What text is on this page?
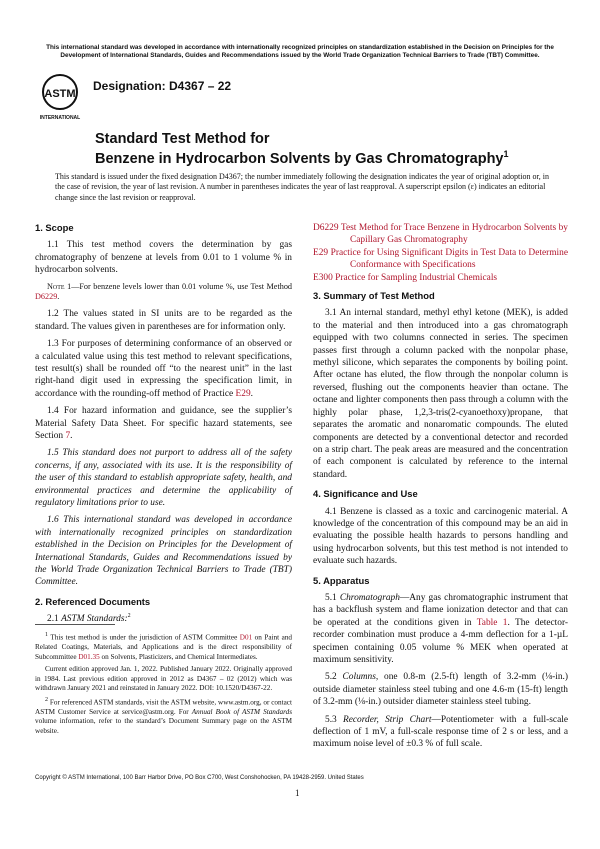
This international standard was developed in accordance with internationally recognized principles on standardization established in the Decision on Principles for the Development of International Standards, Guides and Recommendations issued by the World Trade Organization Technical Barriers to Trade (TBT) Committee.
ASTM
INTERNATIONAL
Designation: D4367 – 22
Standard Test Method for
Benzene in Hydrocarbon Solvents by Gas Chromatography$^1$
This standard is issued under the fixed designation D4367; the number immediately following the designation indicates the year of original adoption or, in the case of revision, the year of last revision. A number in parentheses indicates the year of last reapproval. A superscript epsilon (ε) indicates an editorial change since the last revision or reapproval.
1. Scope

1.1 This test method covers the determination by gas chromatography of benzene at levels from 0.01 to 1 volume % in hydrocarbon solvents.

Note 1—For benzene levels lower than 0.01 volume %, use Test Method D6229.

1.2 The values stated in SI units are to be regarded as the standard. The values given in parentheses are for information only.

1.3 For purposes of determining conformance of an observed or a calculated value using this test method to relevant specifications, test result(s) shall be rounded off “to the nearest unit” in the last right-hand digit used in expressing the specification limit, in accordance with the rounding-off method of Practice E29.

1.4 For hazard information and guidance, see the supplier’s Material Safety Data Sheet. For specific hazard statements, see Section 7.

1.5 This standard does not purport to address all of the safety concerns, if any, associated with its use. It is the responsibility of the user of this standard to establish appropriate safety, health, and environmental practices and determine the applicability of regulatory limitations prior to use.

1.6 This international standard was developed in accordance with internationally recognized principles on standardization established in the Decision on Principles for the Development of International Standards, Guides and Recommendations issued by the World Trade Organization Technical Barriers to Trade (TBT) Committee.

2. Referenced Documents

2.1 ASTM Standards:$^2$

$^1$ This test method is under the jurisdiction of ASTM Committee D01 on Paint and Related Coatings, Materials, and Applications and is the direct responsibility of Subcommittee D01.35 on Solvents, Plasticizers, and Chemical Intermediates.

Current edition approved Jan. 1, 2022. Published January 2022. Originally approved in 1984. Last previous edition approved in 2012 as D4367 – 02 (2012) which was withdrawn January 2021 and reinstated in January 2022. DOI: 10.1520/D4367-22.

$^2$ For referenced ASTM standards, visit the ASTM website, www.astm.org, or contact ASTM Customer Service at service@astm.org. For Annual Book of ASTM Standards volume information, refer to the standard’s Document Summary page on the ASTM website.

D6229 Test Method for Trace Benzene in Hydrocarbon Solvents by Capillary Gas Chromatography
E29 Practice for Using Significant Digits in Test Data to Determine Conformance with Specifications
E300 Practice for Sampling Industrial Chemicals
3. Summary of Test Method

3.1 An internal standard, methyl ethyl ketone (MEK), is added to the material and then introduced into a gas chromatograph equipped with two columns connected in series. The specimen passes first through a column packed with the nonpolar phase, methyl silicone, which separates the components by boiling point. After octane has eluted, the flow through the nonpolar column is reversed, flushing out the components heavier than octane. The octane and lighter components then pass through a column with the highly polar phase, 1,2,3-tris(2-cyanoethoxy)propane, that separates the aromatic and nonaromatic compounds. The eluted components are detected by a conventional detector and recorded on a strip chart. The peak areas are measured and the concentration of each component is calculated by reference to the internal standard.

4. Significance and Use

4.1 Benzene is classed as a toxic and carcinogenic material. A knowledge of the concentration of this compound may be an aid in evaluating the possible health hazards to persons handling and using hydrocarbon solvents, but this test method is not intended to evaluate such hazards.

5. Apparatus

5.1 Chromatograph—Any gas chromatographic instrument that has a backflush system and flame ionization detector and that can be operated at the conditions given in Table 1. The detector-recorder combination must produce a 4-mm deflection for a 1-µL specimen containing 0.05 volume % MEK when operated at maximum sensitivity.

5.2 Columns, one 0.8-m (2.5-ft) length of 3.2-mm (⅛-in.) outside diameter stainless steel tubing and one 4.6-m (15-ft) length of 3.2-mm (⅛-in.) outsider diameter stainless steel tubing.

5.3 Recorder, Strip Chart—Potentiometer with a full-scale deflection of 1 mV, a full-scale response time of 2 s or less, and a maximum noise level of ±0.3 % of full scale.

Copyright © ASTM International, 100 Barr Harbor Drive, PO Box C700, West Conshohocken, PA 19428-2959. United States
1
